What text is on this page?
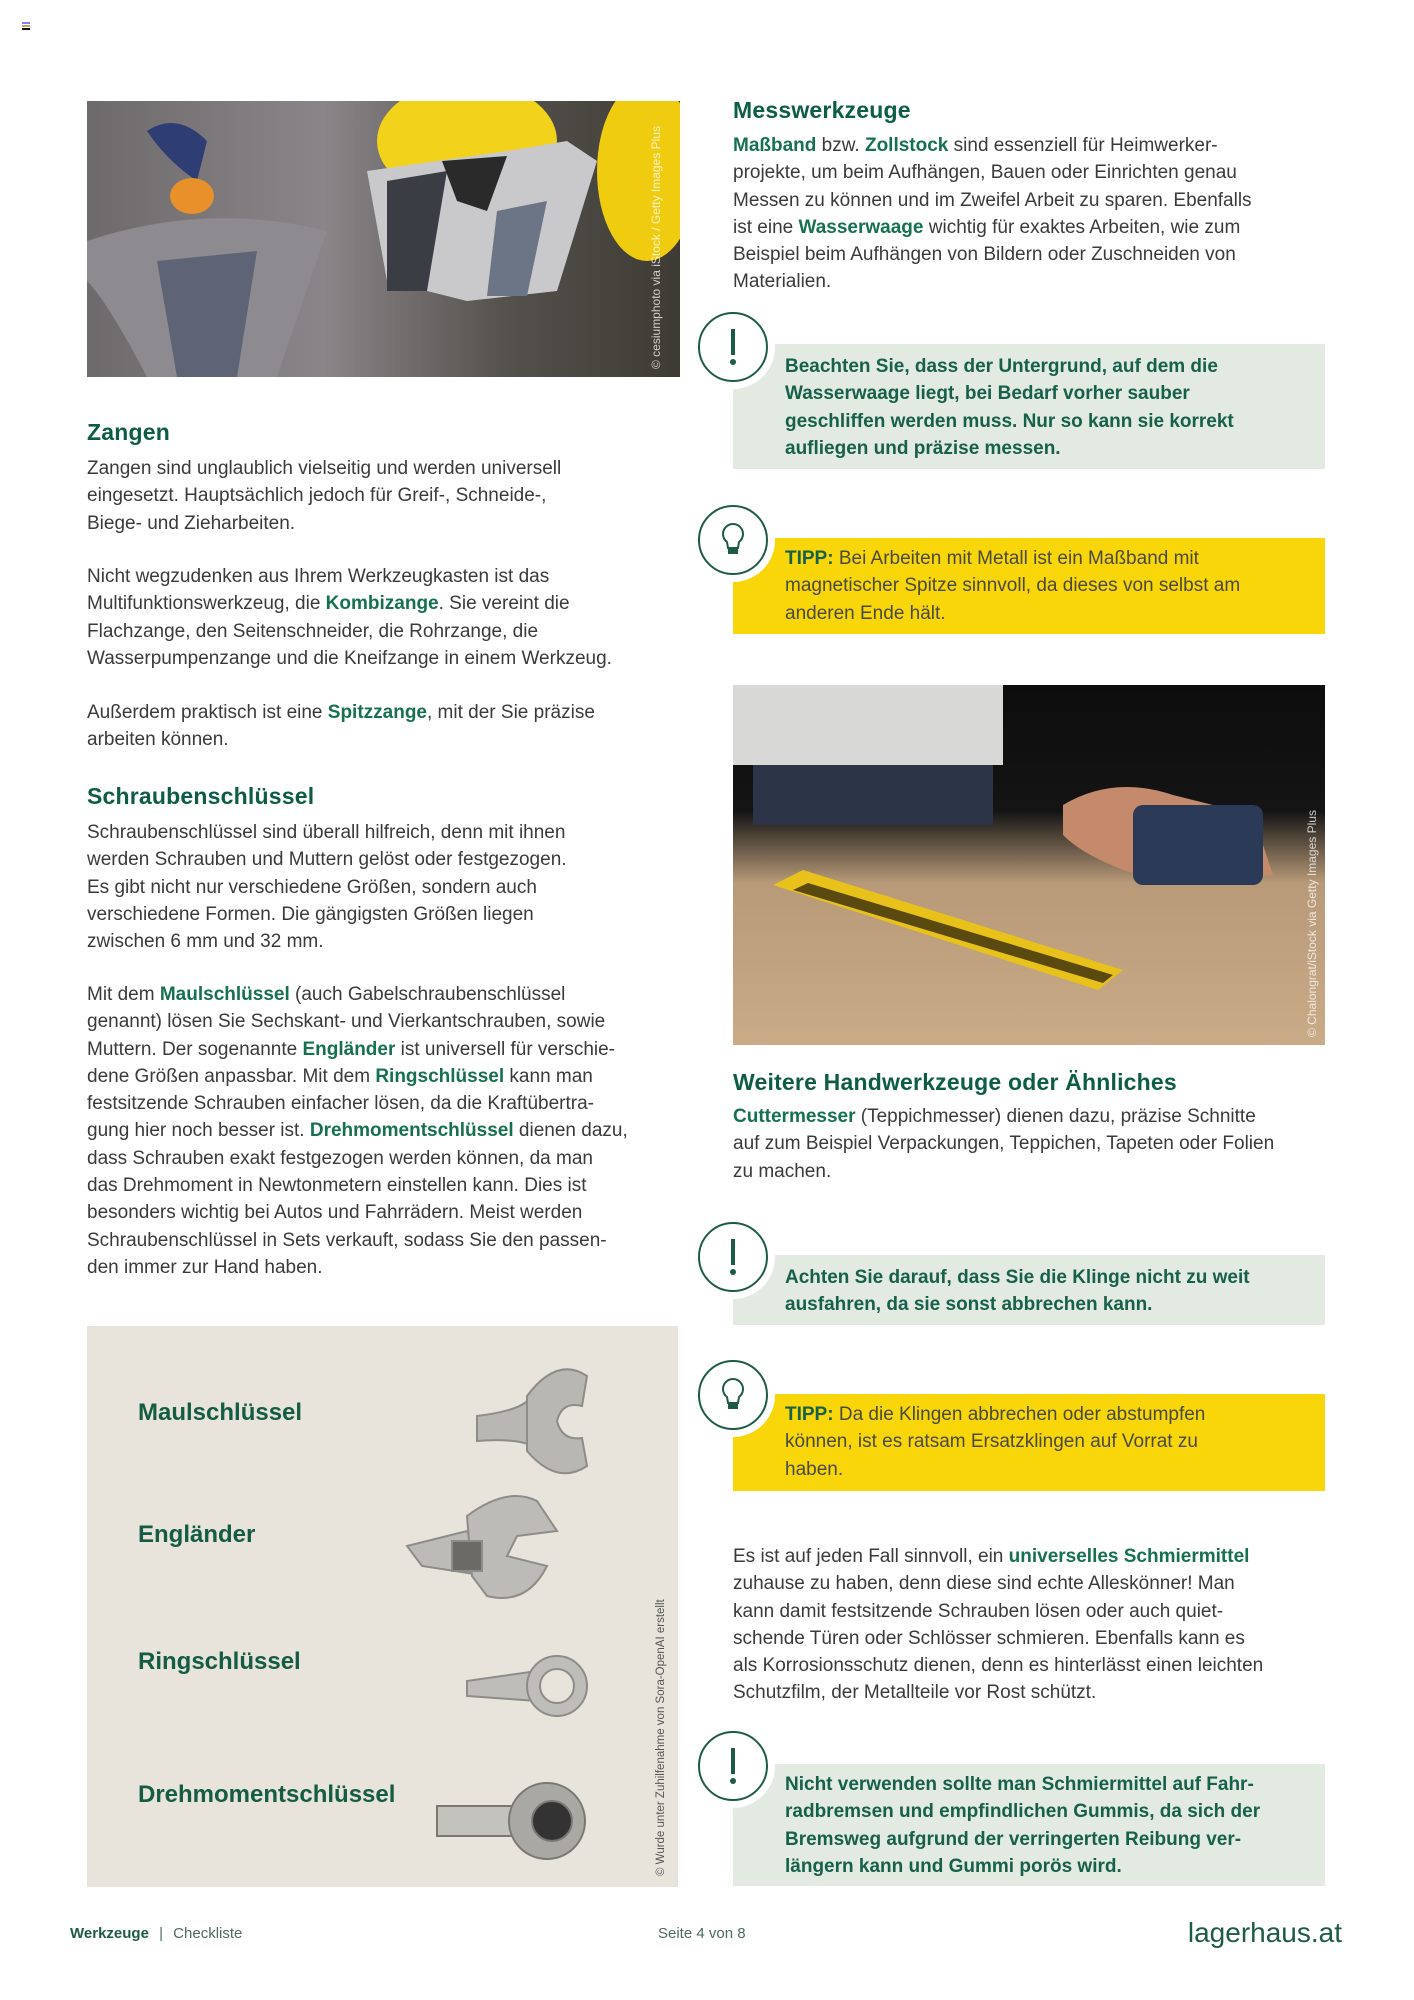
© cesiumphoto via iStock / Getty Images Plus
Zangen
Zangen sind unglaublich vielseitig und werden universell
eingesetzt. Hauptsächlich jedoch für Greif-, Schneide-,
Biege- und Zieharbeiten.
Nicht wegzudenken aus Ihrem Werkzeugkasten ist das
Multifunktionswerkzeug, die Kombizange. Sie vereint die
Flachzange, den Seitenschneider, die Rohrzange, die
Wasserpumpenzange und die Kneifzange in einem Werkzeug.
Außerdem praktisch ist eine Spitzzange, mit der Sie präzise
arbeiten können.
Schraubenschlüssel
Schraubenschlüssel sind überall hilfreich, denn mit ihnen
werden Schrauben und Muttern gelöst oder festgezogen.
Es gibt nicht nur verschiedene Größen, sondern auch
verschiedene Formen. Die gängigsten Größen liegen
zwischen 6 mm und 32 mm.
Mit dem Maulschlüssel (auch Gabelschraubenschlüssel
genannt) lösen Sie Sechskant- und Vierkantschrauben, sowie
Muttern. Der sogenannte Engländer ist universell für verschie-
dene Größen anpassbar. Mit dem Ringschlüssel kann man
festsitzende Schrauben einfacher lösen, da die Kraftübertra-
gung hier noch besser ist. Drehmomentschlüssel dienen dazu,
dass Schrauben exakt festgezogen werden können, da man
das Drehmoment in Newtonmetern einstellen kann. Dies ist
besonders wichtig bei Autos und Fahrrädern. Meist werden
Schraubenschlüssel in Sets verkauft, sodass Sie den passen-
den immer zur Hand haben.
Maulschlüssel
Engländer
Ringschlüssel
Drehmomentschlüssel	© Wurde unter Zuhilfenahme von Sora-OpenAI erstellt
Messwerkzeuge
Maßband bzw. Zollstock sind essenziell für Heimwerker-
projekte, um beim Aufhängen, Bauen oder Einrichten genau
Messen zu können und im Zweifel Arbeit zu sparen. Ebenfalls
ist eine Wasserwaage wichtig für exaktes Arbeiten, wie zum
Beispiel beim Aufhängen von Bildern oder Zuschneiden von
Materialien.
Beachten Sie, dass der Untergrund, auf dem die
Wasserwaage liegt, bei Bedarf vorher sauber
geschliffen werden muss. Nur so kann sie korrekt
aufliegen und präzise messen.
TIPP: Bei Arbeiten mit Metall ist ein Maßband mit
magnetischer Spitze sinnvoll, da dieses von selbst am
anderen Ende hält.
© Chalongrat/iStock via Getty Images Plus
Weitere Handwerkzeuge oder Ähnliches
Cuttermesser (Teppichmesser) dienen dazu, präzise Schnitte
auf zum Beispiel Verpackungen, Teppichen, Tapeten oder Folien
zu machen.
Achten Sie darauf, dass Sie die Klinge nicht zu weit
ausfahren, da sie sonst abbrechen kann.
TIPP: Da die Klingen abbrechen oder abstumpfen
können, ist es ratsam Ersatzklingen auf Vorrat zu
haben.
Es ist auf jeden Fall sinnvoll, ein universelles Schmiermittel
zuhause zu haben, denn diese sind echte Alleskönner! Man
kann damit festsitzende Schrauben lösen oder auch quiet-
schende Türen oder Schlösser schmieren. Ebenfalls kann es
als Korrosionsschutz dienen, denn es hinterlässt einen leichten
Schutzfilm, der Metallteile vor Rost schützt.
Nicht verwenden sollte man Schmiermittel auf Fahr-
radbremsen und empfindlichen Gummis, da sich der
Bremsweg aufgrund der verringerten Reibung ver-
längern kann und Gummi porös wird.
Werkzeuge | Checkliste	Seite 4 von 8	lagerhaus.at
